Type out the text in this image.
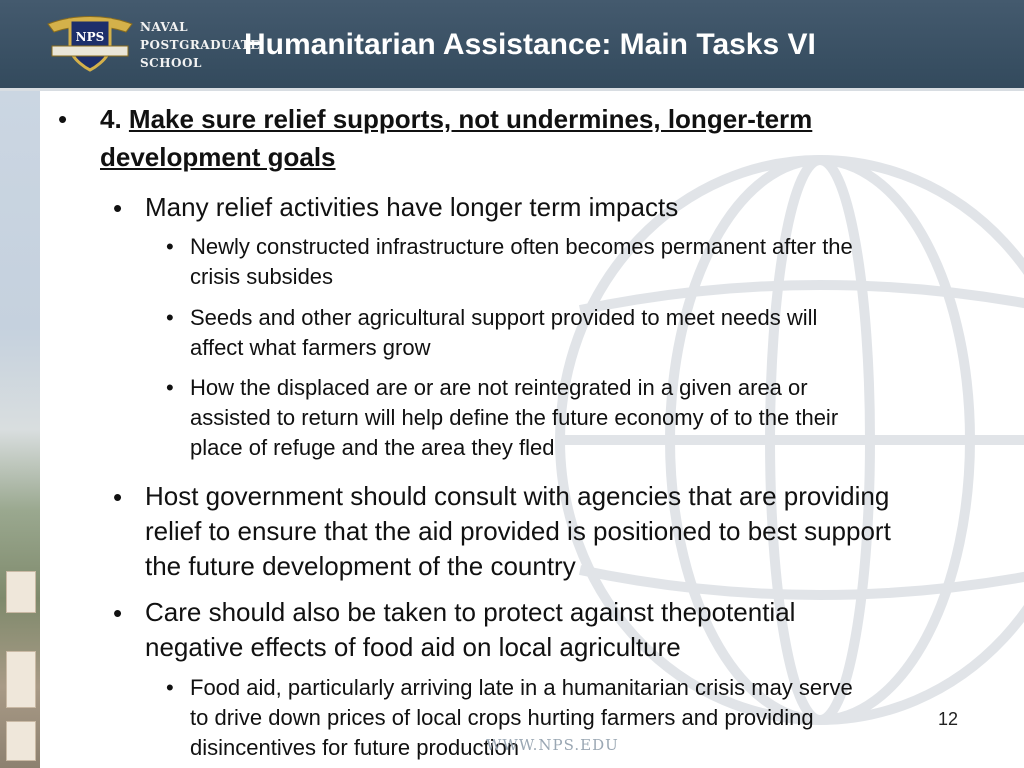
NPS
NAVAL
POSTGRADUATE
SCHOOL
Humanitarian Assistance: Main Tasks VI
• 4. Make sure relief supports, not undermines, longer-term
development goals
• Many relief activities have longer term impacts
• Newly constructed infrastructure often becomes permanent after the
crisis subsides
• Seeds and other agricultural support provided to meet needs will
affect what farmers grow
• How the displaced are or are not reintegrated in a given area or
assisted to return will help define the future economy of to the their
place of refuge and the area they fled
• Host government should consult with agencies that are providing
relief to ensure that the aid provided is positioned to best support
the future development of the country
• Care should also be taken to protect against thepotential
negative effects of food aid on local agriculture
• Food aid, particularly arriving late in a humanitarian crisis may serve
to drive down prices of local crops hurting farmers and providing
disincentives for future production
WWW.NPS.EDU
12
